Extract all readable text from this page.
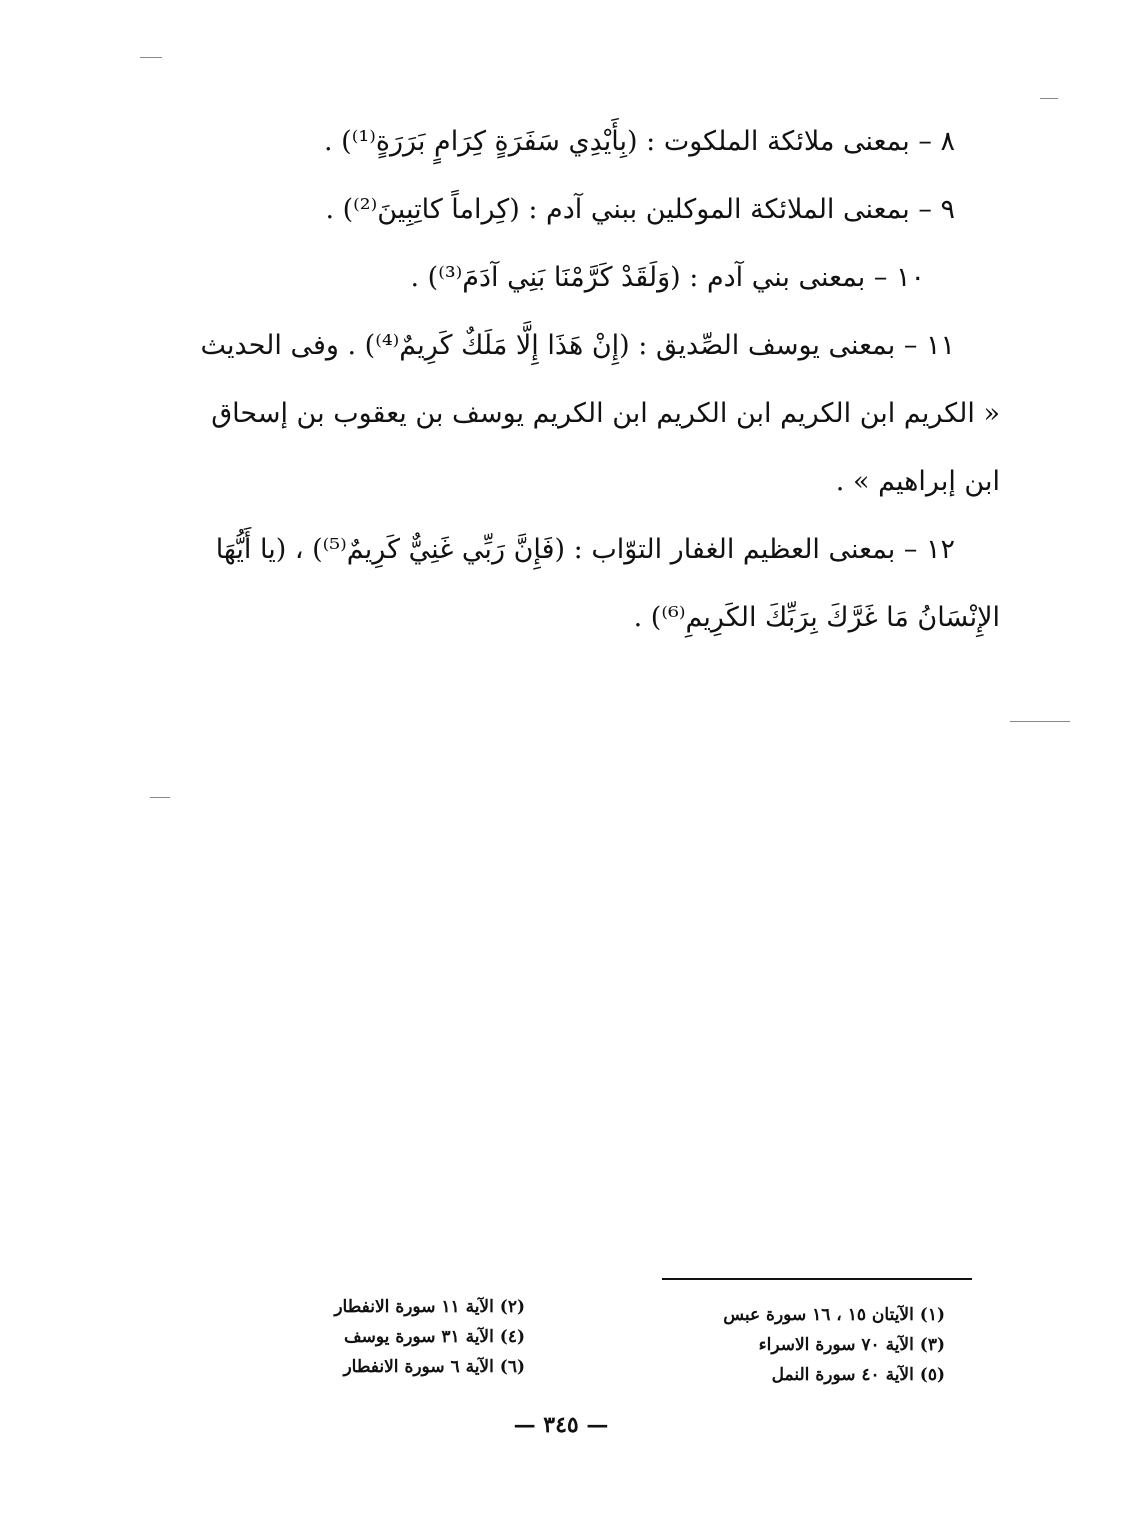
٨ – بمعنى ملائكة الملكوت : (بِأَيْدِي سَفَرَةٍ كِرَامٍ بَرَرَةٍ⁽¹⁾) .
٩ – بمعنى الملائكة الموكلين ببني آدم : (كِراماً كاتِبِينَ⁽²⁾) .
١٠ – بمعنى بني آدم : (وَلَقَدْ كَرَّمْنَا بَنِي آدَمَ⁽³⁾) .
١١ – بمعنى يوسف الصِّديق : (إِنْ هَذَا إِلَّا مَلَكٌ كَرِيمٌ⁽⁴⁾) . وفى الحديث
« الكريم ابن الكريم ابن الكريم ابن الكريم يوسف بن يعقوب بن إسحاق
ابن إبراهيم » .
١٢ – بمعنى العظيم الغفار التوّاب : (فَإِنَّ رَبِّي غَنِيٌّ كَرِيمٌ⁽⁵⁾) ، (يا أَيُّهَا
الإِنْسَانُ مَا غَرَّكَ بِرَبِّكَ الكَرِيمِ⁽⁶⁾) .
(١) الآيتان ١٥ ، ١٦ سورة عبس
(٣) الآية ٧٠ سورة الاسراء
(٥) الآية ٤٠ سورة النمل
(٢) الآية ١١ سورة الانفطار
(٤) الآية ٣١ سورة يوسف
(٦) الآية ٦ سورة الانفطار
— ٣٤٥ —
